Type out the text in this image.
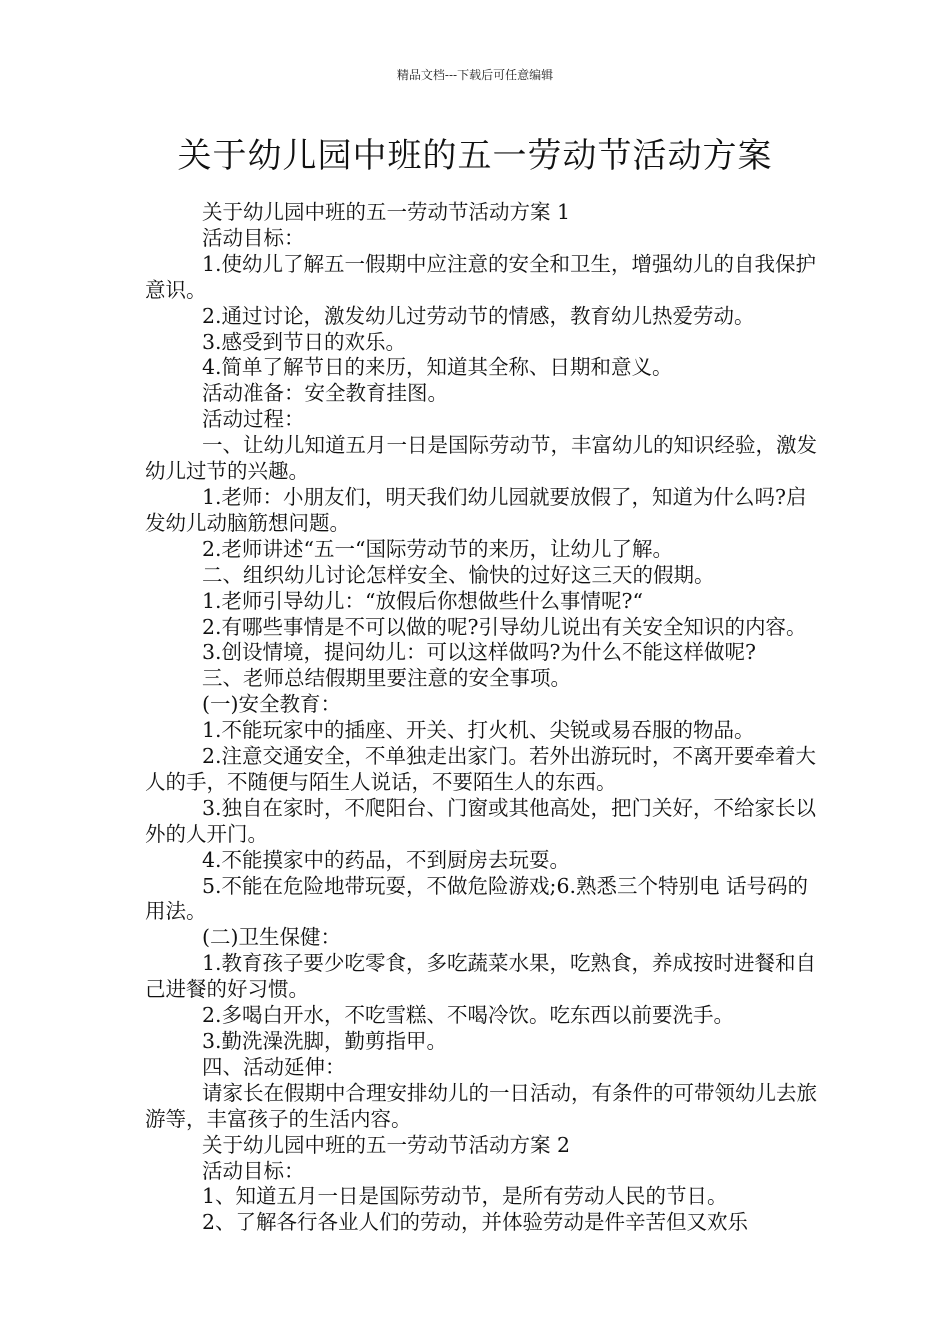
精品文档---下载后可任意编辑
关于幼儿园中班的五一劳动节活动方案

关于幼儿园中班的五一劳动节活动方案 1

活动目标：

1.使幼儿了解五一假期中应注意的安全和卫生，增强幼儿的自我保护意识。

2.通过讨论，激发幼儿过劳动节的情感，教育幼儿热爱劳动。

3.感受到节日的欢乐。

4.简单了解节日的来历，知道其全称、日期和意义。

活动准备：安全教育挂图。

活动过程：

一、让幼儿知道五月一日是国际劳动节，丰富幼儿的知识经验，激发幼儿过节的兴趣。

1.老师：小朋友们，明天我们幼儿园就要放假了，知道为什么吗?启发幼儿动脑筋想问题。

2.老师讲述“五一“国际劳动节的来历，让幼儿了解。

二、组织幼儿讨论怎样安全、愉快的过好这三天的假期。

1.老师引导幼儿：“放假后你想做些什么事情呢?“

2.有哪些事情是不可以做的呢?引导幼儿说出有关安全知识的内容。

3.创设情境，提问幼儿：可以这样做吗?为什么不能这样做呢?

三、老师总结假期里要注意的安全事项。

(一)安全教育：

1.不能玩家中的插座、开关、打火机、尖锐或易吞服的物品。

2.注意交通安全，不单独走出家门。若外出游玩时，不离开要牵着大人的手，不随便与陌生人说话，不要陌生人的东西。

3.独自在家时，不爬阳台、门窗或其他高处，把门关好，不给家长以外的人开门。

4.不能摸家中的药品，不到厨房去玩耍。

5.不能在危险地带玩耍，不做危险游戏;6.熟悉三个特别电 话号码的用法。

(二)卫生保健：

1.教育孩子要少吃零食，多吃蔬菜水果，吃熟食，养成按时进餐和自己进餐的好习惯。

2.多喝白开水，不吃雪糕、不喝冷饮。吃东西以前要洗手。

3.勤洗澡洗脚，勤剪指甲。

四、活动延伸：

请家长在假期中合理安排幼儿的一日活动，有条件的可带领幼儿去旅游等，丰富孩子的生活内容。

关于幼儿园中班的五一劳动节活动方案 2

活动目标：

1、知道五月一日是国际劳动节，是所有劳动人民的节日。

2、了解各行各业人们的劳动，并体验劳动是件辛苦但又欢乐
